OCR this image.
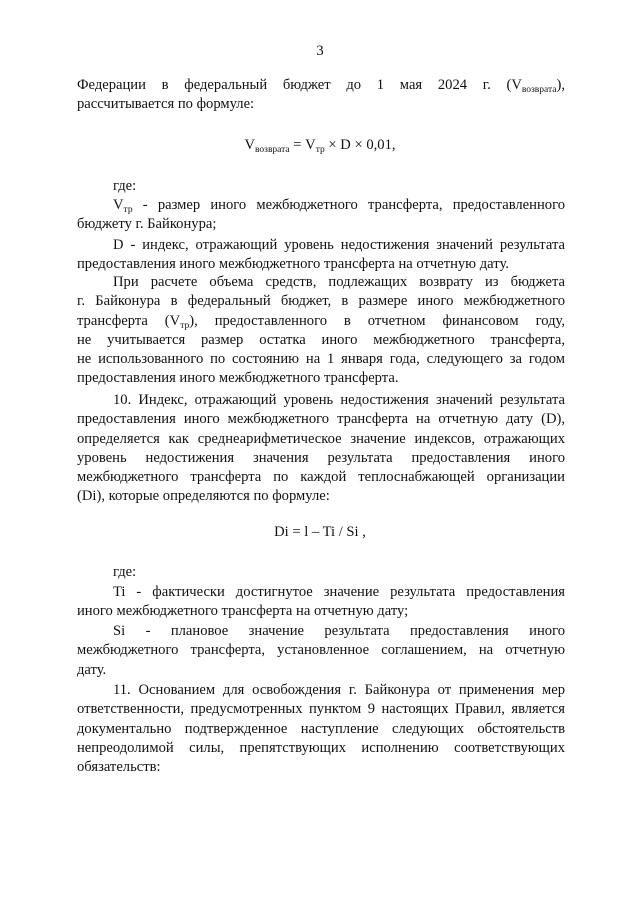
3
Федерации в федеральный бюджет до 1 мая 2024 г. $(V_{возврата})$,
рассчитывается по формуле:
$V_{возврата} = V_{тр} \times D \times 0,01$,
где:
$V_{тр}$ - размер иного межбюджетного трансферта, предоставленного
бюджету г. Байконура;
D - индекс, отражающий уровень недостижения значений результата
предоставления иного межбюджетного трансферта на отчетную дату.
При расчете объема средств, подлежащих возврату из бюджета
г. Байконура в федеральный бюджет, в размере иного межбюджетного
трансферта $(V_{тр})$, предоставленного в отчетном финансовом году,
не учитывается размер остатка иного межбюджетного трансферта,
не использованного по состоянию на 1 января года, следующего за годом
предоставления иного межбюджетного трансферта.
10. Индекс, отражающий уровень недостижения значений результата
предоставления иного межбюджетного трансферта на отчетную дату (D),
определяется как среднеарифметическое значение индексов, отражающих
уровень недостижения значения результата предоставления иного
межбюджетного трансферта по каждой теплоснабжающей организации
(Di), которые определяются по формуле:
Di = l – Ti / Si ,
где:
Ti - фактически достигнутое значение результата предоставления
иного межбюджетного трансферта на отчетную дату;
Si - плановое значение результата предоставления иного
межбюджетного трансферта, установленное соглашением, на отчетную
дату.
11. Основанием для освобождения г. Байконура от применения мер
ответственности, предусмотренных пунктом 9 настоящих Правил, является
документально подтвержденное наступление следующих обстоятельств
непреодолимой силы, препятствующих исполнению соответствующих
обязательств:
